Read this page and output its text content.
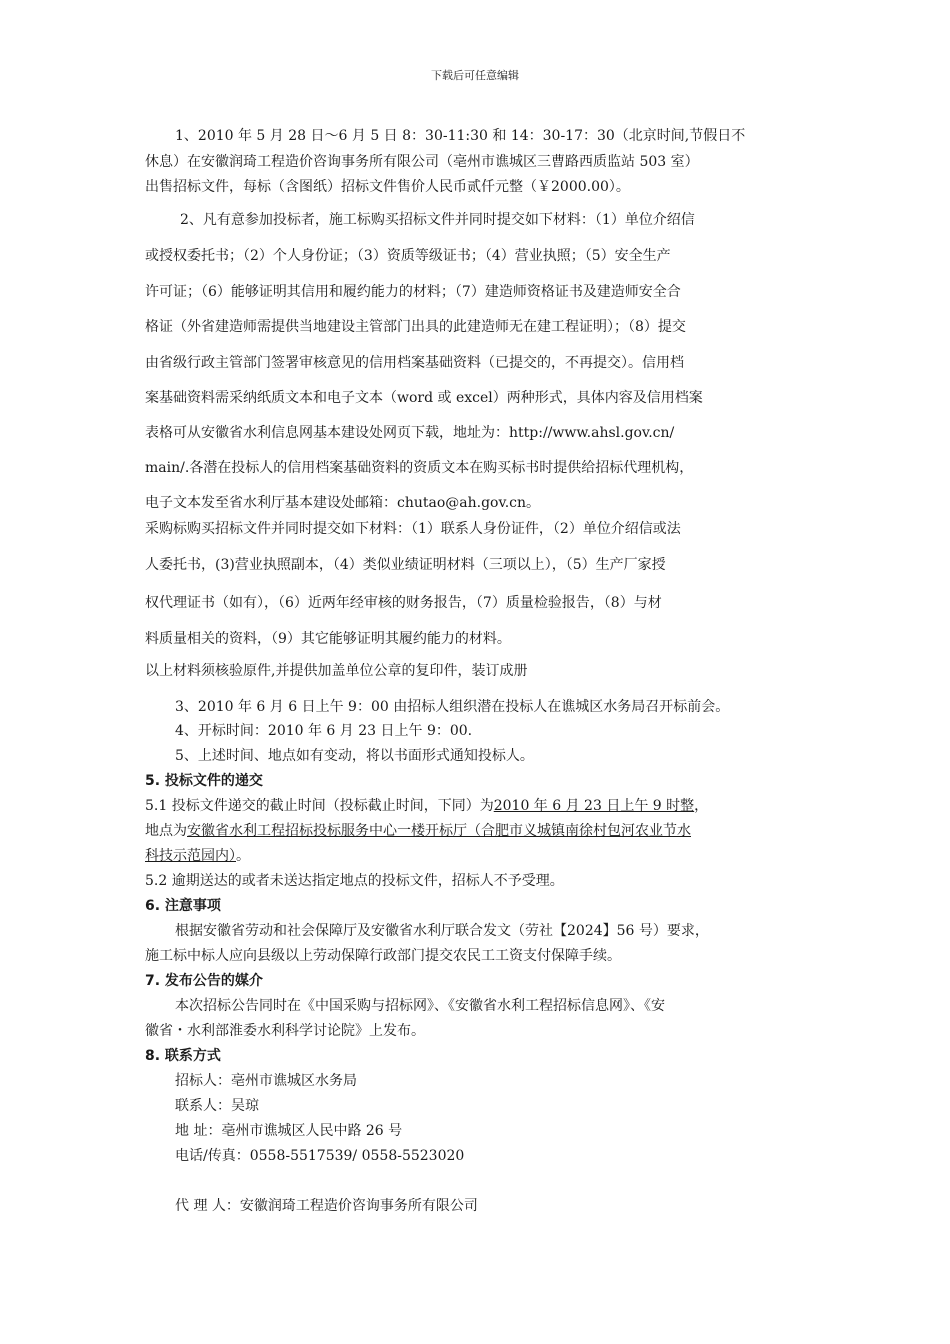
下载后可任意编辑
1、2010 年 5 月 28 日～6 月 5 日 8：30-11:30 和 14：30-17：30（北京时间,节假日不
休息）在安徽润琦工程造价咨询事务所有限公司（亳州市谯城区三曹路西质监站 503 室）
出售招标文件，每标（含图纸）招标文件售价人民币贰仟元整（￥2000.00）。
2、凡有意参加投标者，施工标购买招标文件并同时提交如下材料：（1）单位介绍信
或授权委托书；（2）个人身份证；（3）资质等级证书；（4）营业执照；（5）安全生产
许可证；（6）能够证明其信用和履约能力的材料；（7）建造师资格证书及建造师安全合
格证（外省建造师需提供当地建设主管部门出具的此建造师无在建工程证明）；（8）提交
由省级行政主管部门签署审核意见的信用档案基础资料（已提交的，不再提交）。信用档
案基础资料需采纳纸质文本和电子文本（word 或 excel）两种形式，具体内容及信用档案
表格可从安徽省水利信息网基本建设处网页下载，地址为：http://www.ahsl.gov.cn/
main/.各潜在投标人的信用档案基础资料的资质文本在购买标书时提供给招标代理机构，
电子文本发至省水利厅基本建设处邮箱：chutao@ah.gov.cn。
采购标购买招标文件并同时提交如下材料：（1）联系人身份证件，（2）单位介绍信或法
人委托书，(3)营业执照副本，（4）类似业绩证明材料（三项以上），（5）生产厂家授
权代理证书（如有），（6）近两年经审核的财务报告，（7）质量检验报告，（8）与材
料质量相关的资料，（9）其它能够证明其履约能力的材料。
以上材料须核验原件,并提供加盖单位公章的复印件，装订成册
3、2010 年 6 月 6 日上午 9：00 由招标人组织潜在投标人在谯城区水务局召开标前会。
4、开标时间：2010 年 6 月 23 日上午 9：00.
5、上述时间、地点如有变动，将以书面形式通知投标人。
5. 投标文件的递交
5.1 投标文件递交的截止时间（投标截止时间，下同）为2010 年 6 月 23 日上午 9 时整，
地点为安徽省水利工程招标投标服务中心一楼开标厅（合肥市义城镇南徐村包河农业节水
科技示范园内）。
5.2 逾期送达的或者未送达指定地点的投标文件，招标人不予受理。
6. 注意事项
根据安徽省劳动和社会保障厅及安徽省水利厅联合发文（劳社【2024】56 号）要求，
施工标中标人应向县级以上劳动保障行政部门提交农民工工资支付保障手续。
7. 发布公告的媒介
本次招标公告同时在《中国采购与招标网》、《安徽省水利工程招标信息网》、《安
徽省・水利部淮委水利科学讨论院》上发布。
8. 联系方式
招标人：亳州市谯城区水务局
联系人：吴琼
地 址：亳州市谯城区人民中路 26 号
电话/传真：0558-5517539/ 0558-5523020
代 理 人：安徽润琦工程造价咨询事务所有限公司
